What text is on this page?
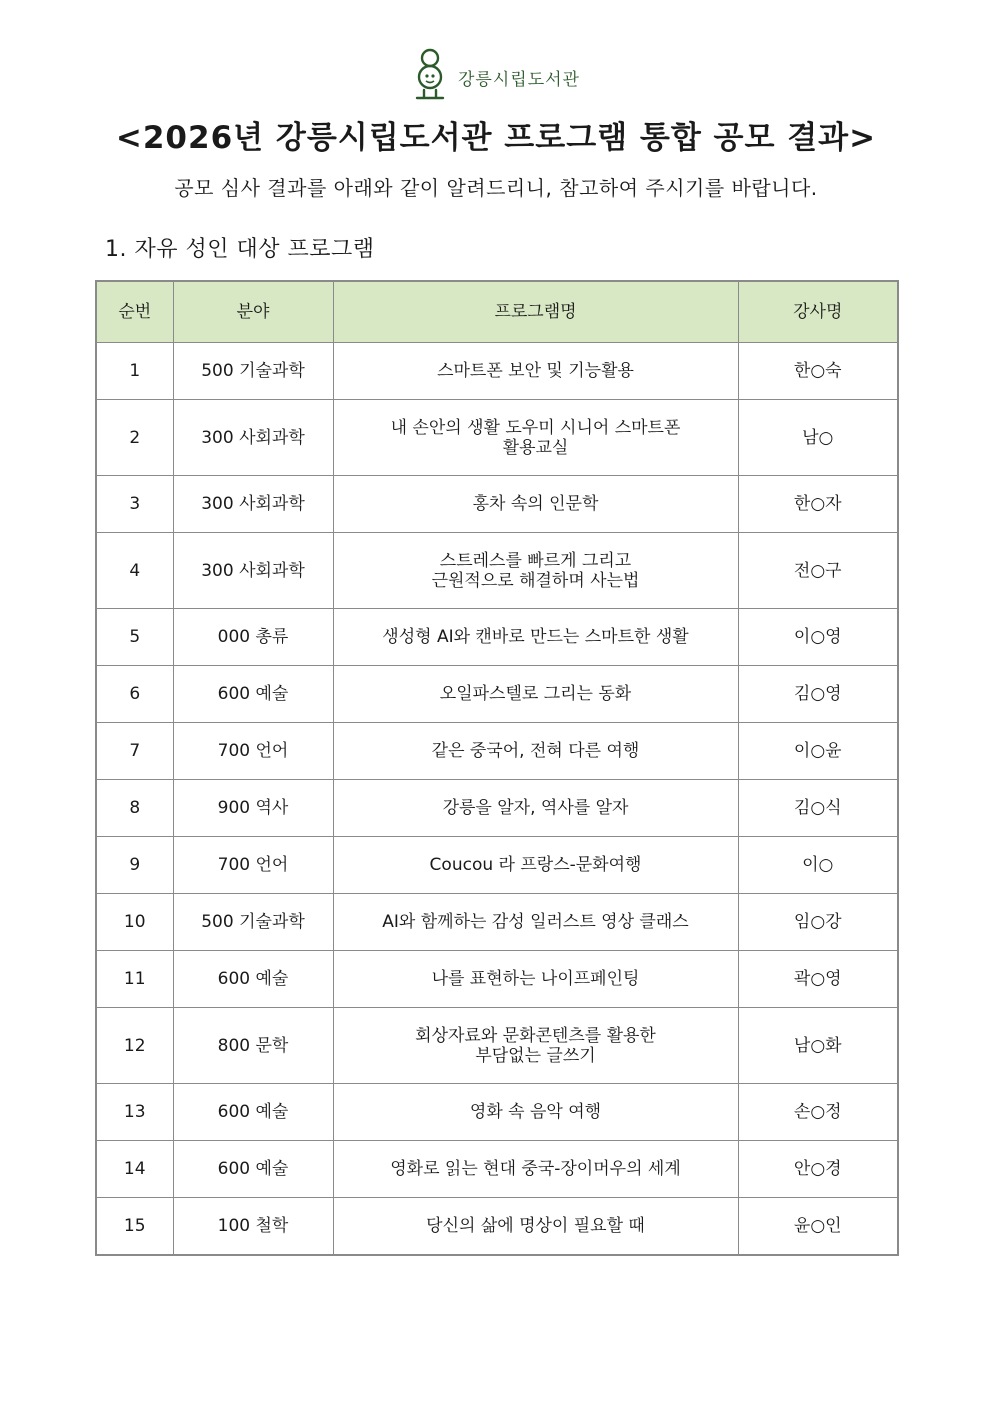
강릉시립도서관
<2026년 강릉시립도서관 프로그램 통합 공모 결과>
공모 심사 결과를 아래와 같이 알려드리니, 참고하여 주시기를 바랍니다.
1. 자유 성인 대상 프로그램
순번	분야	프로그램명	강사명
1	500 기술과학	스마트폰 보안 및 기능활용	한○숙
2	300 사회과학	내 손안의 생활 도우미 시니어 스마트폰
활용교실	남○
3	300 사회과학	홍차 속의 인문학	한○자
4	300 사회과학	스트레스를 빠르게 그리고
근원적으로 해결하며 사는법	전○구
5	000 총류	생성형 AI와 캔바로 만드는 스마트한 생활	이○영
6	600 예술	오일파스텔로 그리는 동화	김○영
7	700 언어	같은 중국어, 전혀 다른 여행	이○윤
8	900 역사	강릉을 알자, 역사를 알자	김○식
9	700 언어	Coucou 라 프랑스-문화여행	이○
10	500 기술과학	AI와 함께하는 감성 일러스트 영상 클래스	임○강
11	600 예술	나를 표현하는 나이프페인팅	곽○영
12	800 문학	회상자료와 문화콘텐츠를 활용한
부담없는 글쓰기	남○화
13	600 예술	영화 속 음악 여행	손○정
14	600 예술	영화로 읽는 현대 중국-장이머우의 세계	안○경
15	100 철학	당신의 삶에 명상이 필요할 때	윤○인
